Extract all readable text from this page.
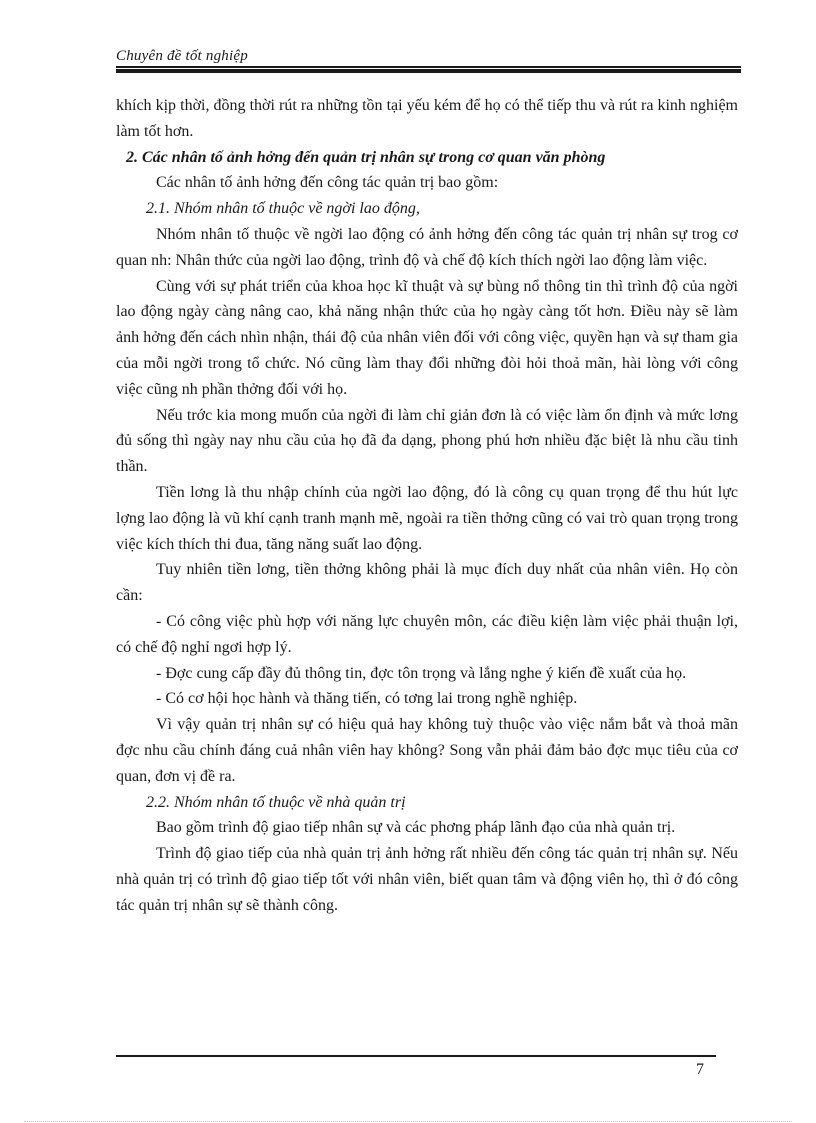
Chuyên đề tốt nghiệp

khích kịp thời, đồng thời rút ra những tồn tại yếu kém để họ có thể tiếp thu và rút ra kinh nghiệm làm tốt hơn.

2. Các nhân tố ảnh hởng đến quản trị nhân sự trong cơ quan văn phòng

Các nhân tố ảnh hởng đến công tác quản trị bao gồm:

2.1. Nhóm nhân tố thuộc về ngời lao động,

Nhóm nhân tố thuộc về ngời lao động có ảnh hởng đến công tác quản trị nhân sự trog cơ quan nh: Nhân thức của ngời lao động, trình độ và chế độ kích thích ngời lao động làm việc.

Cùng với sự phát triển của khoa học kĩ thuật và sự bùng nổ thông tin thì trình độ của ngời lao động ngày càng nâng cao, khả năng nhận thức của họ ngày càng tốt hơn. Điều này sẽ làm ảnh hởng đến cách nhìn nhận, thái độ của nhân viên đối với công việc, quyền hạn và sự tham gia của mỗi ngời trong tổ chức. Nó cũng làm thay đổi những đòi hỏi thoả mãn, hài lòng với công việc cũng nh phần thởng đối với họ.

Nếu trớc kia mong muốn của ngời đi làm chỉ giản đơn là có việc làm ổn định và mức lơng đủ sống thì ngày nay nhu cầu của họ đã đa dạng, phong phú hơn nhiều đặc biệt là nhu cầu tinh thần.

Tiền lơng là thu nhập chính của ngời lao động, đó là công cụ quan trọng để thu hút lực lợng lao động là vũ khí cạnh tranh mạnh mẽ, ngoài ra tiền thởng cũng có vai trò quan trọng trong việc kích thích thi đua, tăng năng suất lao động.

Tuy nhiên tiền lơng, tiền thởng không phải là mục đích duy nhất của nhân viên. Họ còn cần:

- Có công việc phù hợp với năng lực chuyên môn, các điều kiện làm việc phải thuận lợi, có chế độ nghỉ ngơi hợp lý.

- Đợc cung cấp đầy đủ thông tin, đợc tôn trọng và lắng nghe ý kiến đề xuất của họ.

- Có cơ hội học hành và thăng tiến, có tơng lai trong nghề nghiệp.

Vì vậy quản trị nhân sự có hiệu quả hay không tuỳ thuộc vào việc nắm bắt và thoả mãn đợc nhu cầu chính đáng cuả nhân viên hay không? Song vẫn phải đảm bảo đợc mục tiêu của cơ quan, đơn vị đề ra.

2.2. Nhóm nhân tố thuộc về nhà quản trị

Bao gồm trình độ giao tiếp nhân sự và các phơng pháp lãnh đạo của nhà quản trị.

Trình độ giao tiếp của nhà quản trị ảnh hởng rất nhiều đến công tác quản trị nhân sự. Nếu nhà quản trị có trình độ giao tiếp tốt với nhân viên, biết quan tâm và động viên họ, thì ở đó công tác quản trị nhân sự sẽ thành công.

7
